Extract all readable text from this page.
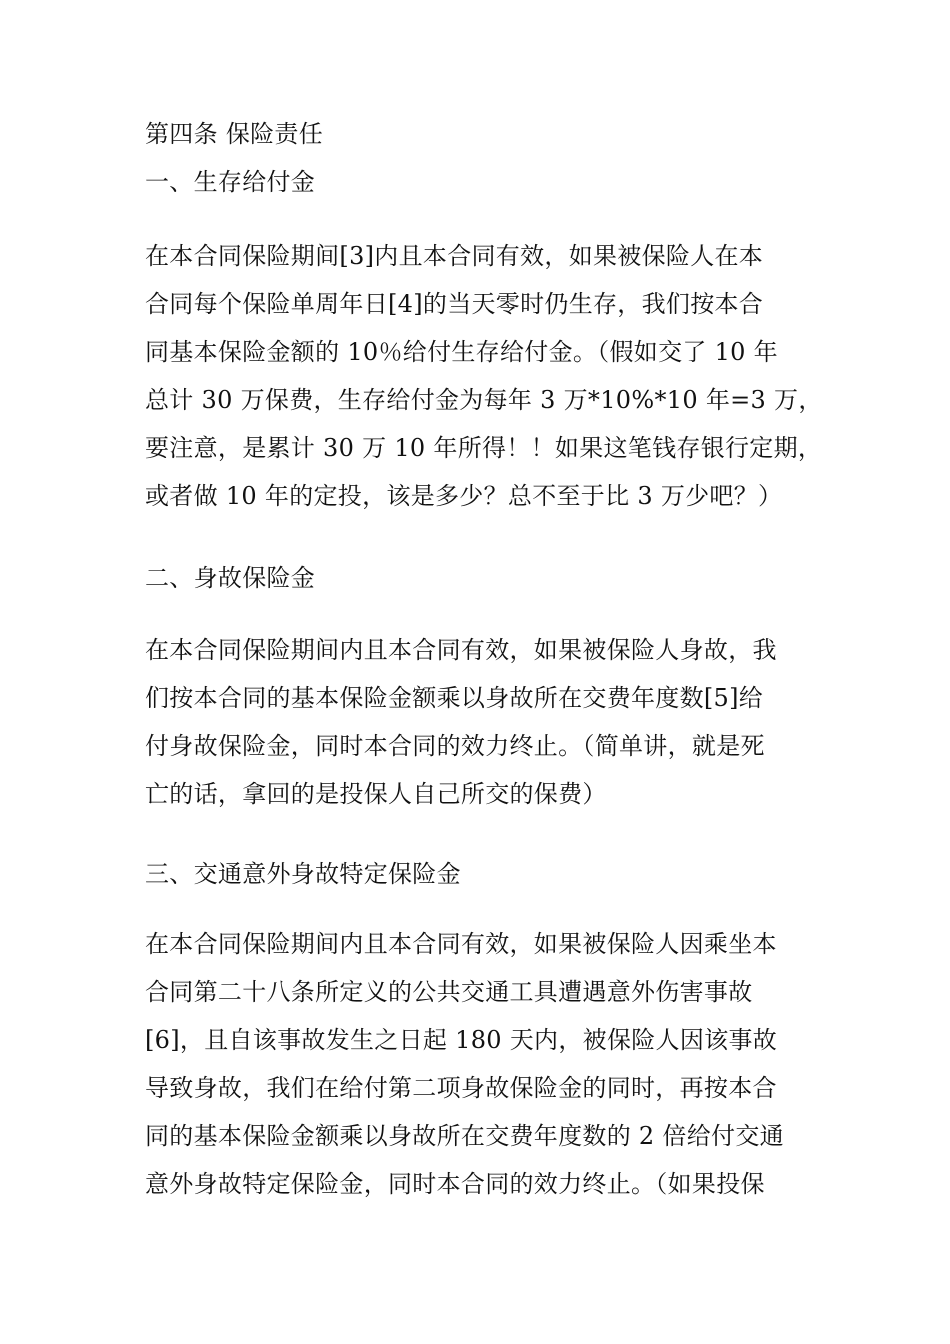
第四条 保险责任
一、生存给付金
在本合同保险期间[3]内且本合同有效，如果被保险人在本
合同每个保险单周年日[4]的当天零时仍生存，我们按本合
同基本保险金额的 10％给付生存给付金。（假如交了 10 年
总计 30 万保费，生存给付金为每年 3 万*10%*10 年=3 万，
要注意，是累计 30 万 10 年所得！！如果这笔钱存银行定期，
或者做 10 年的定投，该是多少？总不至于比 3 万少吧？）
二、身故保险金
在本合同保险期间内且本合同有效，如果被保险人身故，我
们按本合同的基本保险金额乘以身故所在交费年度数[5]给
付身故保险金，同时本合同的效力终止。（简单讲，就是死
亡的话，拿回的是投保人自己所交的保费）
三、交通意外身故特定保险金
在本合同保险期间内且本合同有效，如果被保险人因乘坐本
合同第二十八条所定义的公共交通工具遭遇意外伤害事故
[6]，且自该事故发生之日起 180 天内，被保险人因该事故
导致身故，我们在给付第二项身故保险金的同时，再按本合
同的基本保险金额乘以身故所在交费年度数的 2 倍给付交通
意外身故特定保险金，同时本合同的效力终止。（如果投保
